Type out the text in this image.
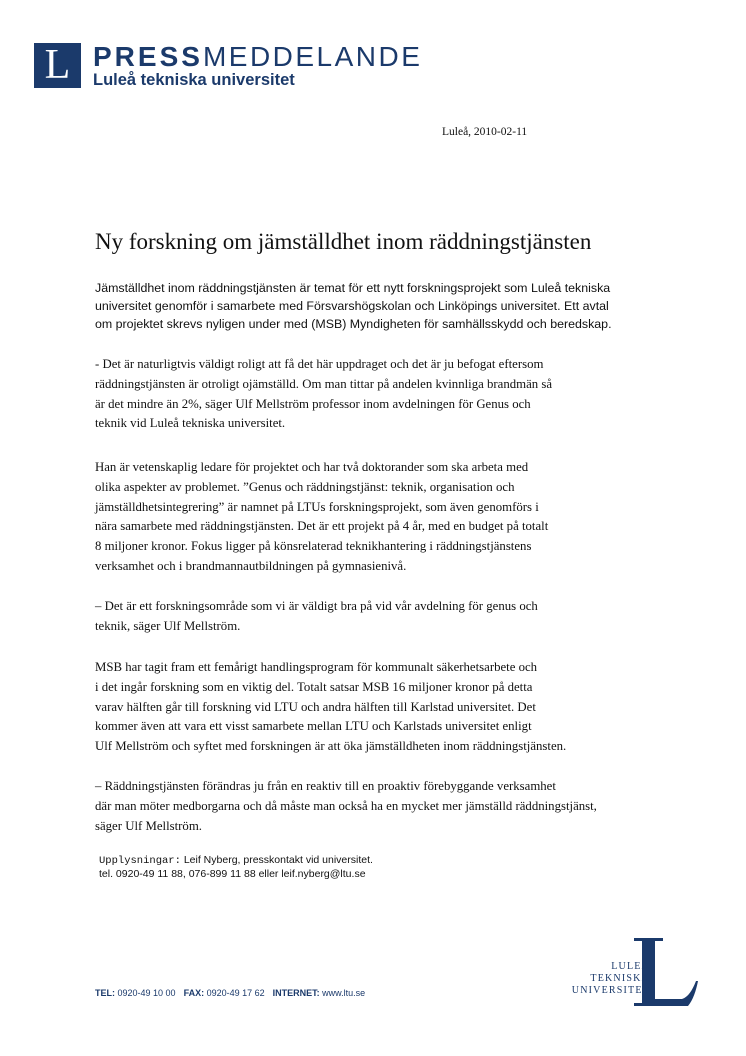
L PRESSMEDDELANDE
Luleå tekniska universitet
Luleå, 2010-02-11
Ny forskning om jämställdhet inom räddningstjänsten
Jämställdhet inom räddningstjänsten är temat för ett nytt forskningsprojekt som Luleå tekniska
universitet genomför i samarbete med Försvarshögskolan och Linköpings universitet. Ett avtal
om projektet skrevs nyligen under med (MSB) Myndigheten för samhällsskydd och beredskap.
- Det är naturligtvis väldigt roligt att få det här uppdraget och det är ju befogat eftersom
räddningstjänsten är otroligt ojämställd. Om man tittar på andelen kvinnliga brandmän så
är det mindre än 2%, säger Ulf Mellström professor inom avdelningen för Genus och
teknik vid Luleå tekniska universitet.
Han är vetenskaplig ledare för projektet och har två doktorander som ska arbeta med
olika aspekter av problemet. ”Genus och räddningstjänst: teknik, organisation och
jämställdhetsintegrering” är namnet på LTUs forskningsprojekt, som även genomförs i
nära samarbete med räddningstjänsten. Det är ett projekt på 4 år, med en budget på totalt
8 miljoner kronor. Fokus ligger på könsrelaterad teknikhantering i räddningstjänstens
verksamhet och i brandmannautbildningen på gymnasienivå.
– Det är ett forskningsområde som vi är väldigt bra på vid vår avdelning för genus och
teknik, säger Ulf Mellström.
MSB har tagit fram ett femårigt handlingsprogram för kommunalt säkerhetsarbete och
i det ingår forskning som en viktig del. Totalt satsar MSB 16 miljoner kronor på detta
varav hälften går till forskning vid LTU och andra hälften till Karlstad universitet. Det
kommer även att vara ett visst samarbete mellan LTU och Karlstads universitet enligt
Ulf Mellström och syftet med forskningen är att öka jämställdheten inom räddningstjänsten.
– Räddningstjänsten förändras ju från en reaktiv till en proaktiv förebyggande verksamhet
där man möter medborgarna och då måste man också ha en mycket mer jämställd räddningstjänst,
säger Ulf Mellström.
Upplysningar: Leif Nyberg, presskontakt vid universitet.
tel. 0920-49 11 88, 076-899 11 88 eller leif.nyberg@ltu.se
TEL: 0920-49 10 00 FAX: 0920-49 17 62 INTERNET: www.ltu.se
LULEÅ
TEKNISKA
UNIVERSITET
